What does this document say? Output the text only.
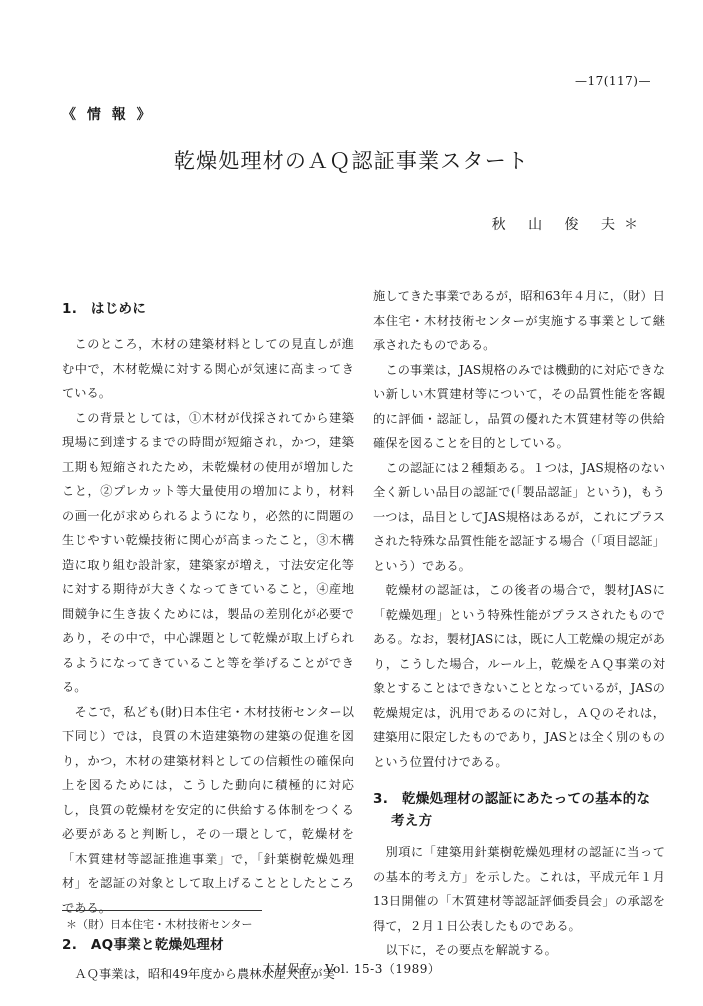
—17(117)—
《 情 報 》
乾燥処理材のＡＱ認証事業スタート
秋 山 俊 夫＊
1.　はじめに

このところ，木材の建築材料としての見直しが進む中で，木材乾燥に対する関心が気速に高まってきている。

この背景としては，①木材が伐採されてから建築現場に到達するまでの時間が短縮され，かつ，建築工期も短縮されたため，未乾燥材の使用が増加したこと，②プレカット等大量使用の増加により，材料の画一化が求められるようになり，必然的に問題の生じやすい乾燥技術に関心が高まったこと，③木構造に取り組む設計家，建築家が増え，寸法安定化等に対する期待が大きくなってきていること，④産地間競争に生き抜くためには，製品の差別化が必要であり，その中で，中心課題として乾燥が取上げられるようになってきていること等を挙げることができる。

そこで，私ども(財)日本住宅・木材技術センター以下同じ）では，良質の木造建築物の建築の促進を図り，かつ，木材の建築材料としての信頼性の確保向上を図るためには，こうした動向に積極的に対応し，良質の乾燥材を安定的に供給する体制をつくる必要があると判断し，その一環として，乾燥材を「木質建材等認証推進事業」で，「針葉樹乾燥処理材」を認証の対象として取上げることとしたところである。

2.　AQ事業と乾燥処理材

ＡＱ事業は，昭和49年度から農林水産大臣が実

施してきた事業であるが，昭和63年４月に，（財）日本住宅・木材技術センターが実施する事業として継承されたものである。

この事業は，JAS規格のみでは機動的に対応できない新しい木質建材等について，その品質性能を客観的に評価・認証し，品質の優れた木質建材等の供給確保を図ることを目的としている。

この認証には２種類ある。１つは，JAS規格のない全く新しい品目の認証で(「製品認証」という)，もう一つは，品目としてJAS規格はあるが，これにプラスされた特殊な品質性能を認証する場合（「項目認証」という）である。

乾燥材の認証は，この後者の場合で，製材JASに「乾燥処理」という特殊性能がプラスされたものである。なお，製材JASには，既に人工乾燥の規定があり，こうした場合，ルール上，乾燥をＡＱ事業の対象とすることはできないこととなっているが，JASの乾燥規定は，汎用であるのに対し，ＡＱのそれは，建築用に限定したものであり，JASとは全く別のものという位置付けである。

3.　乾燥処理材の認証にあたっての基本的な
考え方

別項に「建築用針葉樹乾燥処理材の認証に当っての基本的考え方」を示した。これは，平成元年１月13日開催の「木質建材等認証評価委員会」の承認を得て，２月１日公表したものである。

以下に，その要点を解説する。

＊（財）日本住宅・木材技術センター
木材保存　Vol. 15-3（1989）
